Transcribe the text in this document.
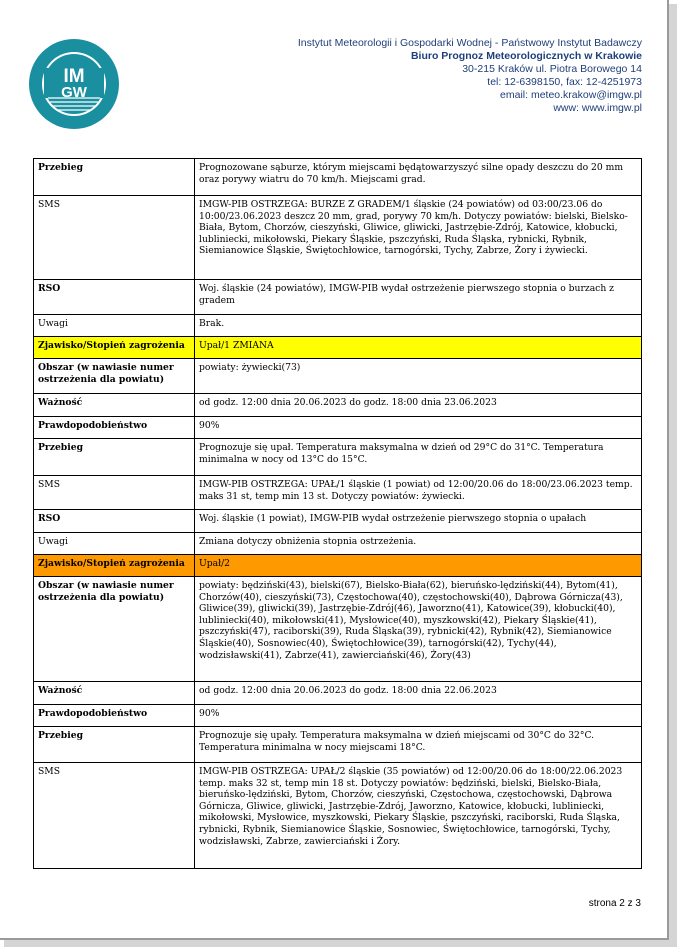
IM
GW
Instytut Meteorologii i Gospodarki Wodnej - Państwowy Instytut Badawczy
Biuro Prognoz Meteorologicznych w Krakowie
30-215 Kraków ul. Piotra Borowego 14
tel: 12-6398150, fax: 12-4251973
email: meteo.krakow@imgw.pl
www: www.imgw.pl
Przebieg	Prognozowane sąburze, którym miejscami będątowarzyszyć silne opady deszczu do 20 mm oraz porywy wiatru do 70 km/h. Miejscami grad.
SMS	IMGW-PIB OSTRZEGA: BURZE Z GRADEM/1 śląskie (24 powiatów) od 03:00/23.06 do 10:00/23.06.2023 deszcz 20 mm, grad, porywy 70 km/h. Dotyczy powiatów: bielski, Bielsko-Biała, Bytom, Chorzów, cieszyński, Gliwice, gliwicki, Jastrzębie-Zdrój, Katowice, kłobucki, lubliniecki, mikołowski, Piekary Śląskie, pszczyński, Ruda Śląska, rybnicki, Rybnik, Siemianowice Śląskie, Świętochłowice, tarnogórski, Tychy, Zabrze, Żory i żywiecki.
RSO	Woj. śląskie (24 powiatów), IMGW-PIB wydał ostrzeżenie pierwszego stopnia o burzach z gradem
Uwagi	Brak.
Zjawisko/Stopień zagrożenia	Upał/1 ZMIANA
Obszar (w nawiasie numer ostrzeżenia dla powiatu)	powiaty: żywiecki(73)
Ważność	od godz. 12:00 dnia 20.06.2023 do godz. 18:00 dnia 23.06.2023
Prawdopodobieństwo	90%
Przebieg	Prognozuje się upał. Temperatura maksymalna w dzień od 29°C do 31°C. Temperatura minimalna w nocy od 13°C do 15°C.
SMS	IMGW-PIB OSTRZEGA: UPAŁ/1 śląskie (1 powiat) od 12:00/20.06 do 18:00/23.06.2023 temp. maks 31 st, temp min 13 st. Dotyczy powiatów: żywiecki.
RSO	Woj. śląskie (1 powiat), IMGW-PIB wydał ostrzeżenie pierwszego stopnia o upałach
Uwagi	Zmiana dotyczy obniżenia stopnia ostrzeżenia.
Zjawisko/Stopień zagrożenia	Upał/2
Obszar (w nawiasie numer ostrzeżenia dla powiatu)	powiaty: będziński(43), bielski(67), Bielsko-Biała(62), bieruńsko-lędziński(44), Bytom(41), Chorzów(40), cieszyński(73), Częstochowa(40), częstochowski(40), Dąbrowa Górnicza(43), Gliwice(39), gliwicki(39), Jastrzębie-Zdrój(46), Jaworzno(41), Katowice(39), kłobucki(40), lubliniecki(40), mikołowski(41), Mysłowice(40), myszkowski(42), Piekary Śląskie(41), pszczyński(47), raciborski(39), Ruda Śląska(39), rybnicki(42), Rybnik(42), Siemianowice Śląskie(40), Sosnowiec(40), Świętochłowice(39), tarnogórski(42), Tychy(44), wodzisławski(41), Zabrze(41), zawierciański(46), Żory(43)
Ważność	od godz. 12:00 dnia 20.06.2023 do godz. 18:00 dnia 22.06.2023
Prawdopodobieństwo	90%
Przebieg	Prognozuje się upały. Temperatura maksymalna w dzień miejscami od 30°C do 32°C. Temperatura minimalna w nocy miejscami 18°C.
SMS	IMGW-PIB OSTRZEGA: UPAŁ/2 śląskie (35 powiatów) od 12:00/20.06 do 18:00/22.06.2023 temp. maks 32 st, temp min 18 st. Dotyczy powiatów: będziński, bielski, Bielsko-Biała, bieruńsko-lędziński, Bytom, Chorzów, cieszyński, Częstochowa, częstochowski, Dąbrowa Górnicza, Gliwice, gliwicki, Jastrzębie-Zdrój, Jaworzno, Katowice, kłobucki, lubliniecki, mikołowski, Mysłowice, myszkowski, Piekary Śląskie, pszczyński, raciborski, Ruda Śląska, rybnicki, Rybnik, Siemianowice Śląskie, Sosnowiec, Świętochłowice, tarnogórski, Tychy, wodzisławski, Zabrze, zawierciański i Żory.
strona 2 z 3
